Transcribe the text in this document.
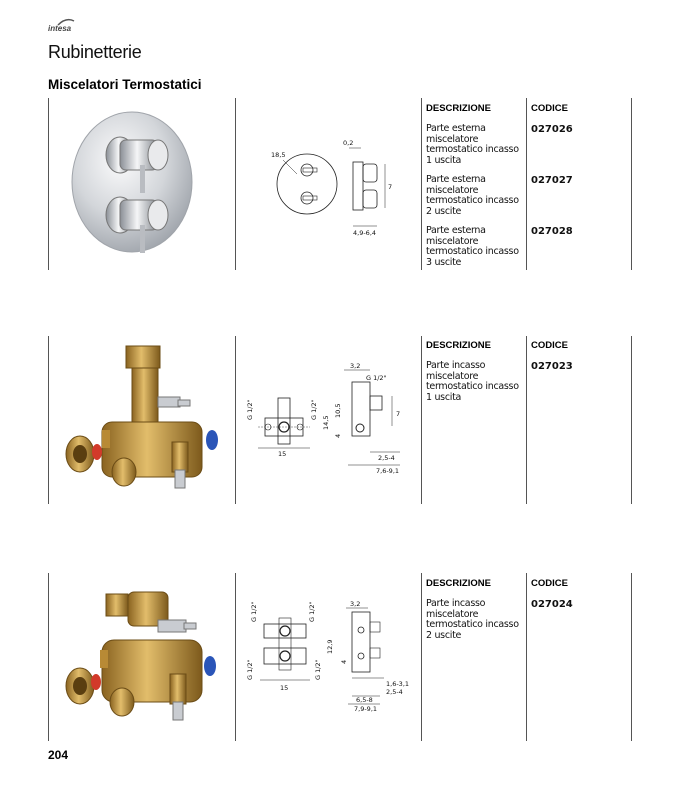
intesa
Rubinetterie
Miscelatori Termostatici
18,5
0,2
7
4,9-6,4
DESCRIZIONE	CODICE
Parte esterna miscelatore termostatico incasso 1 uscita
027026
Parte esterna miscelatore termostatico incasso 2 uscite
027027
Parte esterna miscelatore termostatico incasso 3 uscite
027028
G 1/2"	G 1/2"
15
14,5
10,5
4
3,2
G 1/2"
7
2,5-4
7,6-9,1
DESCRIZIONE	CODICE
Parte incasso miscelatore termostatico incasso 1 uscita
027023
G 1/2"	G 1/2"
G 1/2"	G 1/2"
15
12,9
4
3,2
1,6-3,1
2,5-4
6,5-8
7,9-9,1
DESCRIZIONE	CODICE
Parte incasso miscelatore termostatico incasso 2 uscite
027024
204
